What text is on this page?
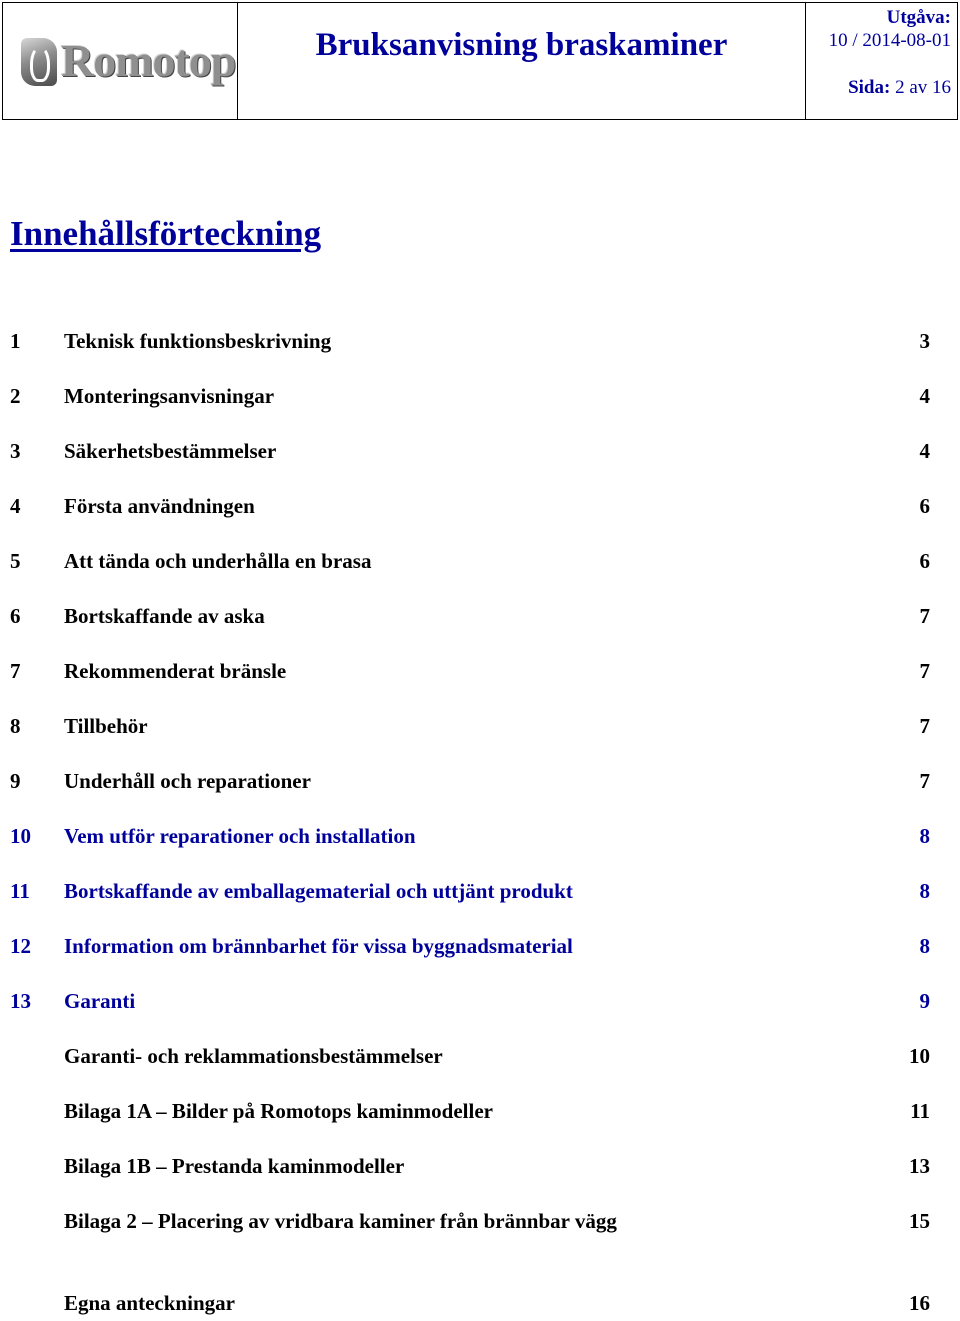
Romotop	Bruksanvisning braskaminer
Utgåva:
10 / 2014-08-01
Sida: 2 av 16
Innehållsförteckning
1 Teknisk funktionsbeskrivning	3
2 Monteringsanvisningar	4
3 Säkerhetsbestämmelser	4
4 Första användningen	6
5 Att tända och underhålla en brasa	6
6 Bortskaffande av aska	7
7 Rekommenderat bränsle	7
8 Tillbehör	7
9 Underhåll och reparationer	7
10 Vem utför reparationer och installation	8
11 Bortskaffande av emballagematerial och uttjänt produkt	8
12 Information om brännbarhet för vissa byggnadsmaterial	8
13 Garanti	9
Garanti- och reklammationsbestämmelser	10
Bilaga 1A – Bilder på Romotops kaminmodeller	11
Bilaga 1B – Prestanda kaminmodeller	13
Bilaga 2 – Placering av vridbara kaminer från brännbar vägg	15
Egna anteckningar	16
